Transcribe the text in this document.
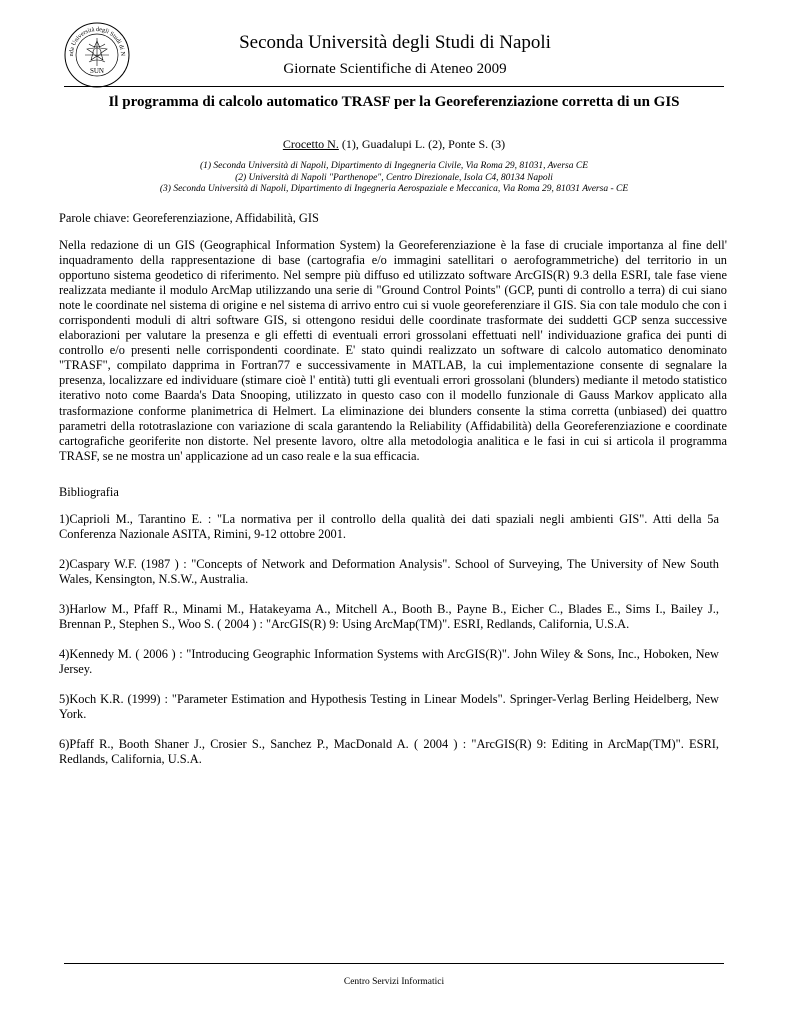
nda Università degli Studi di N
SUN
Seconda Università degli Studi di Napoli
Giornate Scientifiche di Ateneo 2009
Il programma di calcolo automatico TRASF per la Georeferenziazione corretta di un GIS
Crocetto N. (1), Guadalupi L. (2), Ponte S. (3)
(1) Seconda Università di Napoli, Dipartimento di Ingegneria Civile, Via Roma 29, 81031, Aversa CE
(2) Università di Napoli "Parthenope", Centro Direzionale, Isola C4, 80134 Napoli
(3) Seconda Università di Napoli, Dipartimento di Ingegneria Aerospaziale e Meccanica, Via Roma 29, 81031 Aversa - CE
Parole chiave: Georeferenziazione, Affidabilità, GIS
Nella redazione di un GIS (Geographical Information System) la Georeferenziazione è la fase di cruciale importanza al fine dell' inquadramento della rappresentazione di base (cartografia e/o immagini satellitari o aerofogrammetriche) del territorio in un opportuno sistema geodetico di riferimento. Nel sempre più diffuso ed utilizzato software ArcGIS(R) 9.3 della ESRI, tale fase viene realizzata mediante il modulo ArcMap utilizzando una serie di "Ground Control Points" (GCP, punti di controllo a terra) di cui siano note le coordinate nel sistema di origine e nel sistema di arrivo entro cui si vuole georeferenziare il GIS. Sia con tale modulo che con i corrispondenti moduli di altri software GIS, si ottengono residui delle coordinate trasformate dei suddetti GCP senza successive elaborazioni per valutare la presenza e gli effetti di eventuali errori grossolani effettuati nell' individuazione grafica dei punti di controllo e/o presenti nelle corrispondenti coordinate. E' stato quindi realizzato un software di calcolo automatico denominato "TRASF", compilato dapprima in Fortran77 e successivamente in MATLAB, la cui implementazione consente di segnalare la presenza, localizzare ed individuare (stimare cioè l' entità) tutti gli eventuali errori grossolani (blunders) mediante il metodo statistico iterativo noto come Baarda's Data Snooping, utilizzato in questo caso con il modello funzionale di Gauss Markov applicato alla trasformazione conforme planimetrica di Helmert. La eliminazione dei blunders consente la stima corretta (unbiased) dei quattro parametri della rototraslazione con variazione di scala garantendo la Reliability (Affidabilità) della Georeferenziazione e coordinate cartografiche georiferite non distorte. Nel presente lavoro, oltre alla metodologia analitica e le fasi in cui si articola il programma TRASF, se ne mostra un' applicazione ad un caso reale e la sua efficacia.
Bibliografia
1)Caprioli M., Tarantino E. : "La normativa per il controllo della qualità dei dati spaziali negli ambienti GIS". Atti della 5a Conferenza Nazionale ASITA, Rimini, 9-12 ottobre 2001.
2)Caspary W.F. (1987 ) : "Concepts of Network and Deformation Analysis". School of Surveying, The University of New South Wales, Kensington, N.S.W., Australia.
3)Harlow M., Pfaff R., Minami M., Hatakeyama A., Mitchell A., Booth B., Payne B., Eicher C., Blades E., Sims I., Bailey J., Brennan P., Stephen S., Woo S. ( 2004 ) : "ArcGIS(R) 9: Using ArcMap(TM)". ESRI, Redlands, California, U.S.A.
4)Kennedy M. ( 2006 ) : "Introducing Geographic Information Systems with ArcGIS(R)". John Wiley & Sons, Inc., Hoboken, New Jersey.
5)Koch K.R. (1999) : "Parameter Estimation and Hypothesis Testing in Linear Models". Springer-Verlag Berling Heidelberg, New York.
6)Pfaff R., Booth Shaner J., Crosier S., Sanchez P., MacDonald A. ( 2004 ) : "ArcGIS(R) 9: Editing in ArcMap(TM)". ESRI, Redlands, California, U.S.A.
Centro Servizi Informatici
